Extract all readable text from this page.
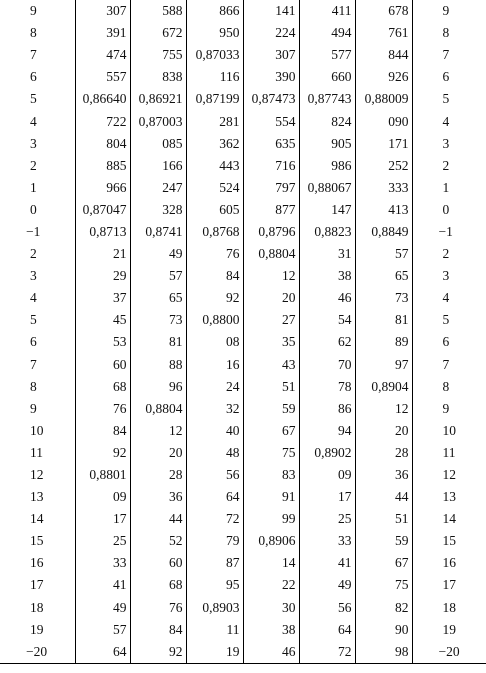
9	307	588	866	141	411	678	9
8	391	672	950	224	494	761	8
7	474	755	0,87033	307	577	844	7
6	557	838	116	390	660	926	6
5	0,86640	0,86921	0,87199	0,87473	0,87743	0,88009	5
4	722	0,87003	281	554	824	090	4
3	804	085	362	635	905	171	3
2	885	166	443	716	986	252	2
1	966	247	524	797	0,88067	333	1
0	0,87047	328	605	877	147	413	0
−1	0,8713	0,8741	0,8768	0,8796	0,8823	0,8849	−1
2	21	49	76	0,8804	31	57	2
3	29	57	84	12	38	65	3
4	37	65	92	20	46	73	4
5	45	73	0,8800	27	54	81	5
6	53	81	08	35	62	89	6
7	60	88	16	43	70	97	7
8	68	96	24	51	78	0,8904	8
9	76	0,8804	32	59	86	12	9
10	84	12	40	67	94	20	10
11	92	20	48	75	0,8902	28	11
12	0,8801	28	56	83	09	36	12
13	09	36	64	91	17	44	13
14	17	44	72	99	25	51	14
15	25	52	79	0,8906	33	59	15
16	33	60	87	14	41	67	16
17	41	68	95	22	49	75	17
18	49	76	0,8903	30	56	82	18
19	57	84	11	38	64	90	19
−20	64	92	19	46	72	98	−20
